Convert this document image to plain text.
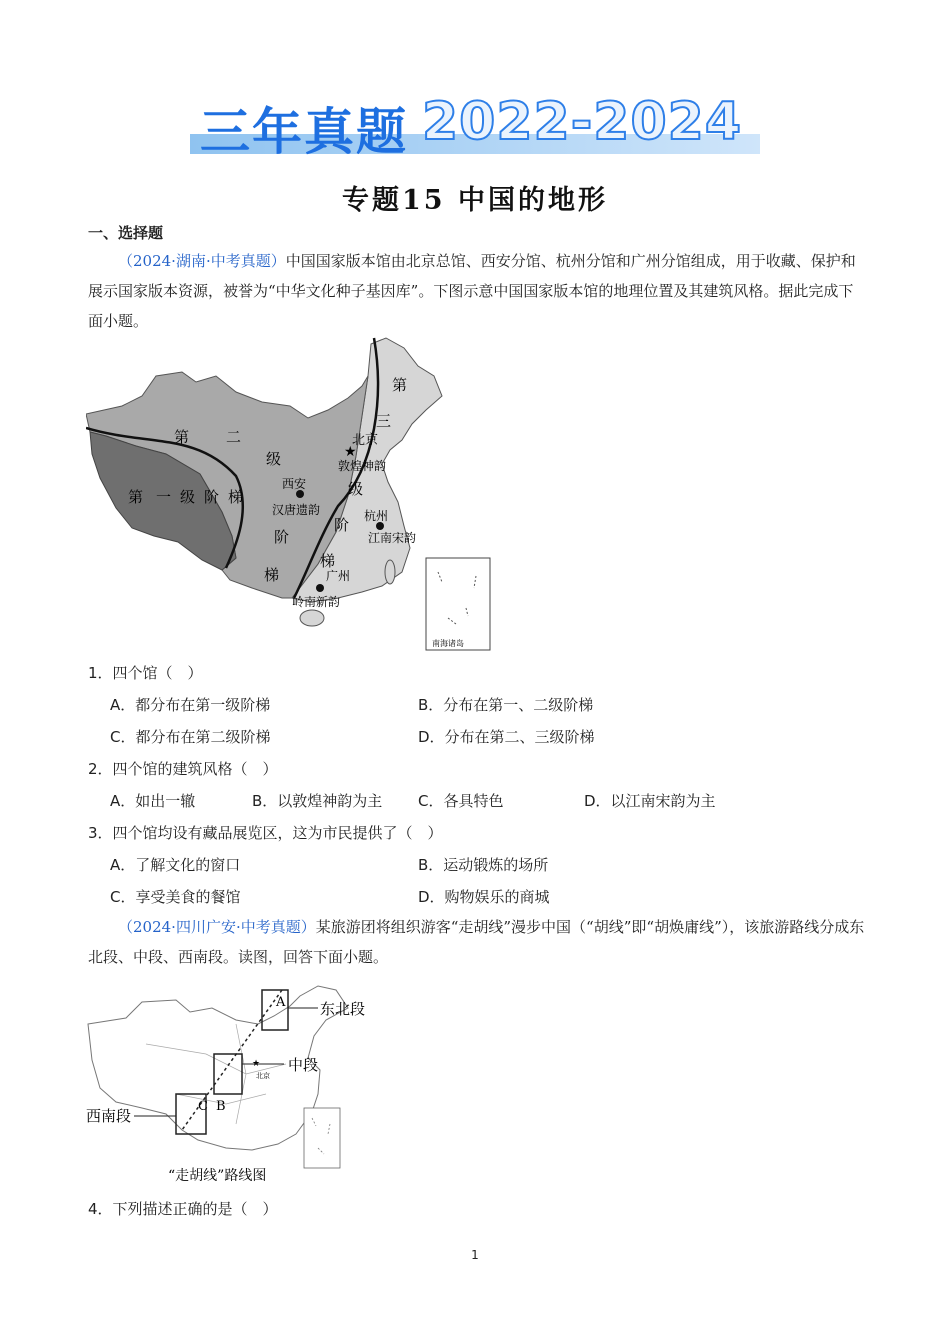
三年真题 2022-2024
专题15 中国的地形
一、选择题
（2024·湖南·中考真题）中国国家版本馆由北京总馆、西安分馆、杭州分馆和广州分馆组成，用于收藏、保护和展示国家版本资源，被誉为“中华文化种子基因库”。下图示意中国国家版本馆的地理位置及其建筑风格。据此完成下面小题。
第 二
级
阶
梯
第 一 级 阶 梯
第
三
级
阶
梯
★
北京
敦煌神韵
西安
汉唐遗韵	杭州
江南宋韵
广州
岭南新韵
南海诸岛
1．四个馆（　）
A．都分布在第一级阶梯	B．分布在第一、二级阶梯
C．都分布在第二级阶梯	D．分布在第二、三级阶梯
2．四个馆的建筑风格（　）
A．如出一辙	B．以敦煌神韵为主 C．各具特色	D．以江南宋韵为主
3．四个馆均设有藏品展览区，这为市民提供了（　）
A．了解文化的窗口	B．运动锻炼的场所
C．享受美食的餐馆	D．购物娱乐的商城
（2024·四川广安·中考真题）某旅游团将组织游客“走胡线”漫步中国（“胡线”即“胡焕庸线”），该旅游路线分成东北段、中段、西南段。读图，回答下面小题。
A
B
C
★
北京
东北段
中段
西南段
“走胡线”路线图
4．下列描述正确的是（　）
1
